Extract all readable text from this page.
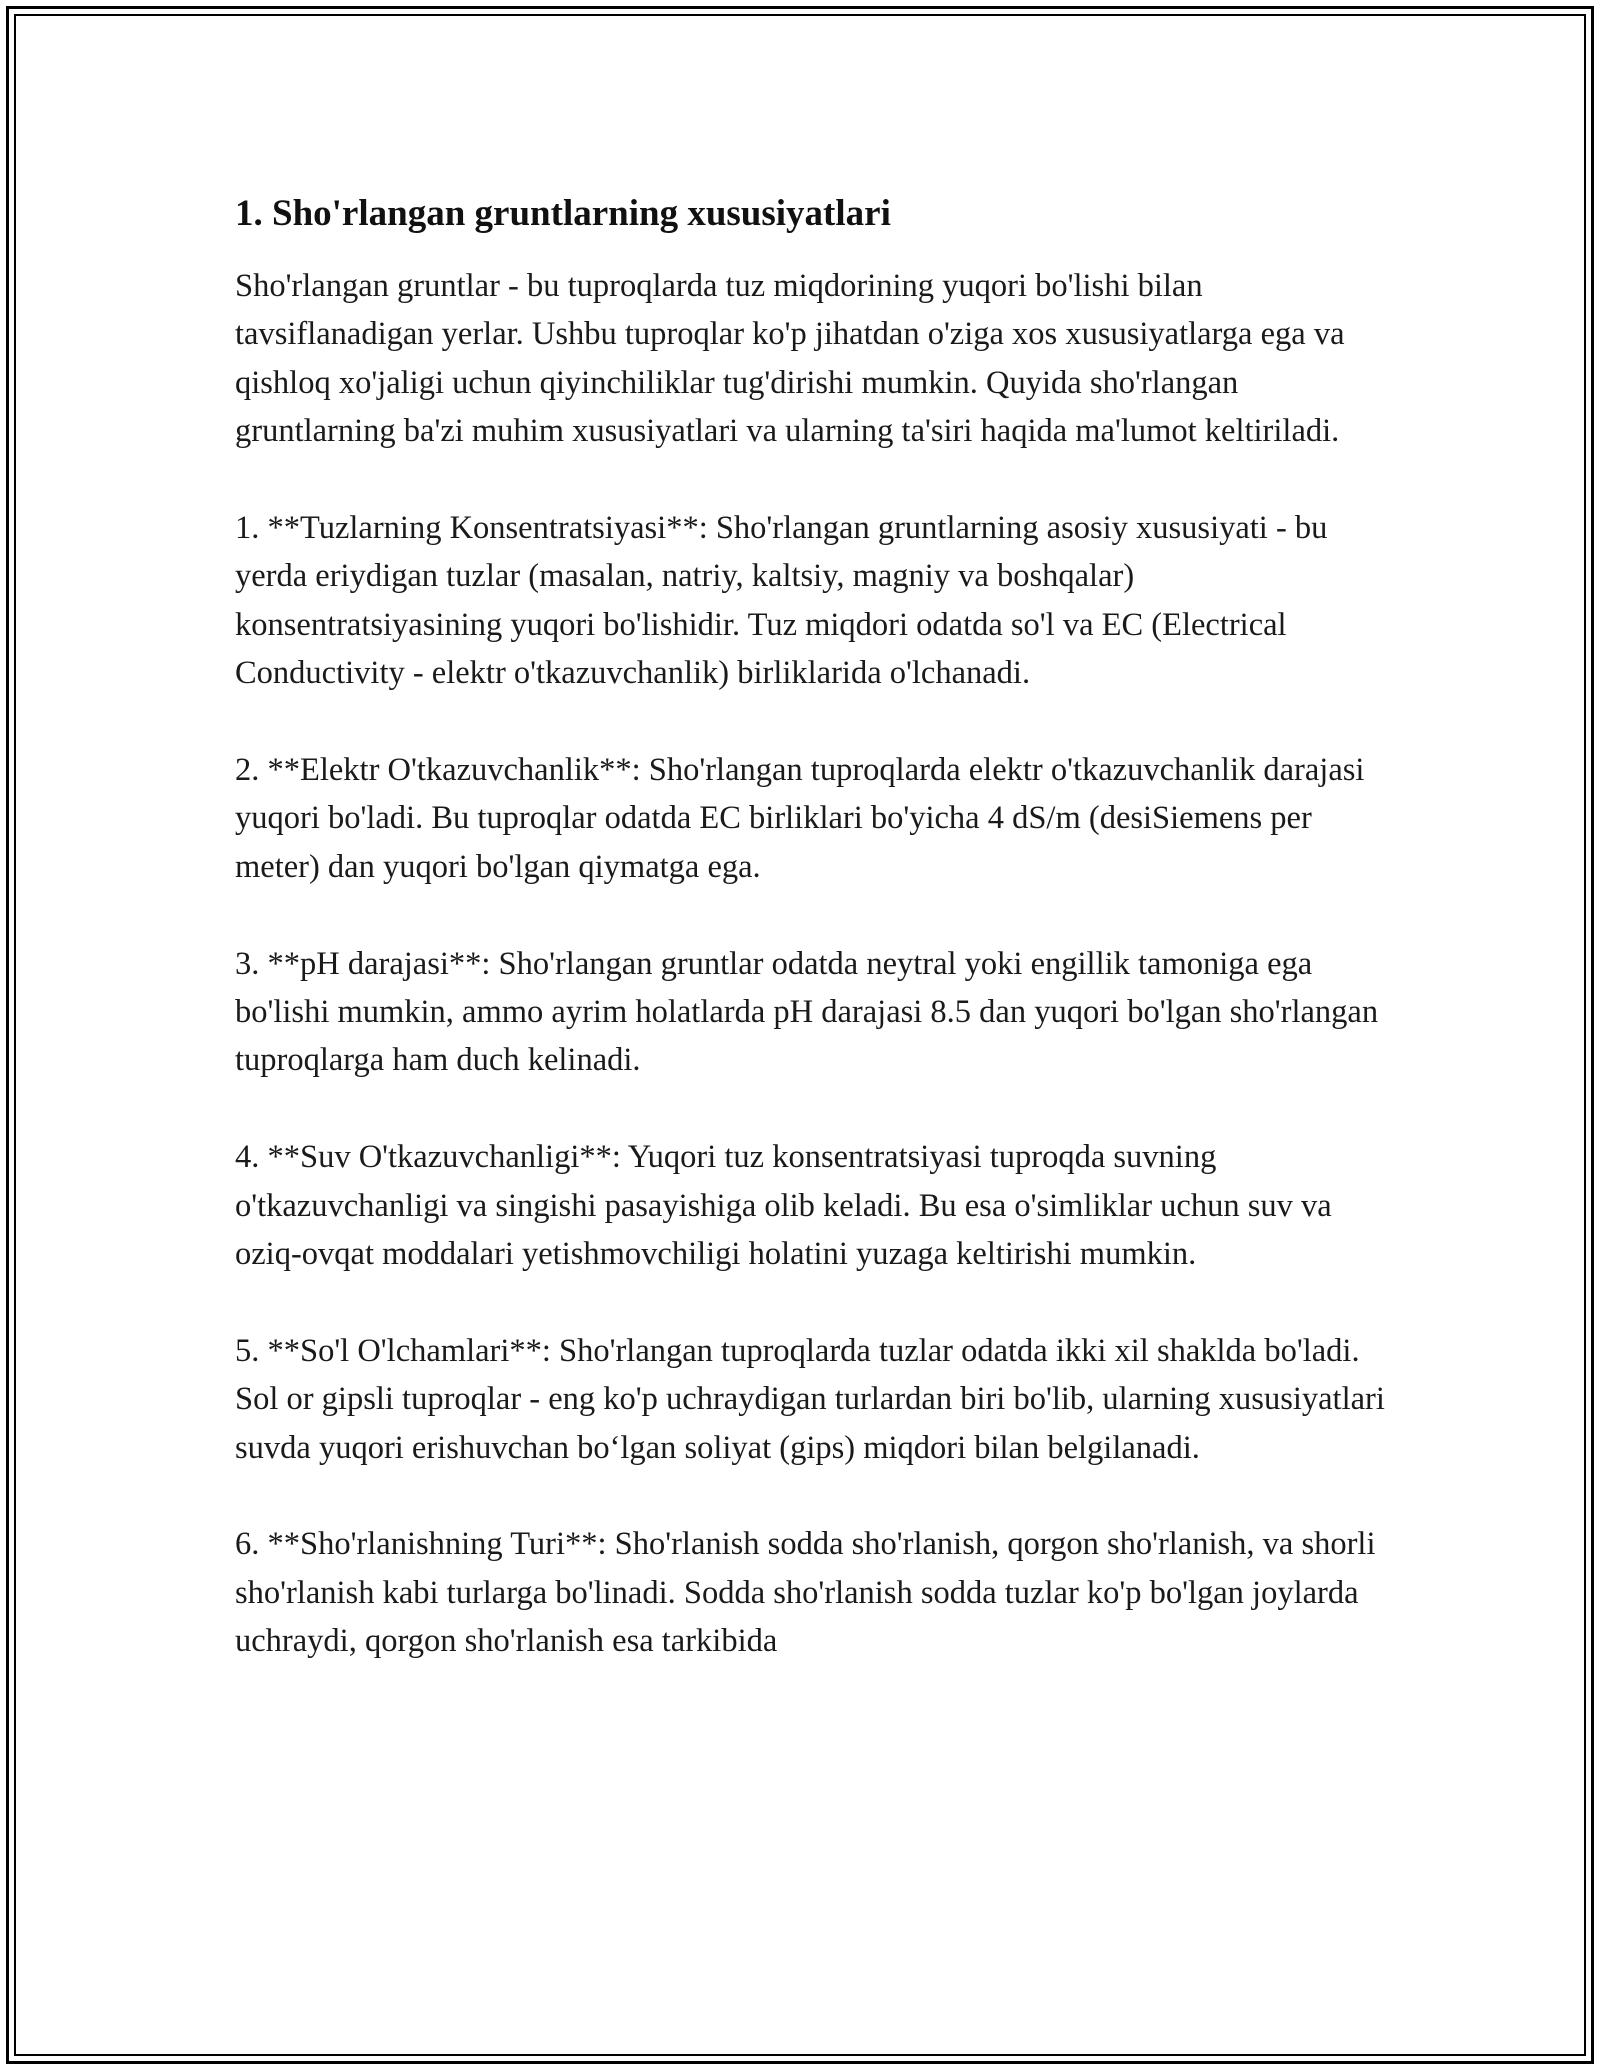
1. Sho'rlangan gruntlarning xususiyatlari

Sho'rlangan gruntlar - bu tuproqlarda tuz miqdorining yuqori bo'lishi bilan tavsiflanadigan yerlar. Ushbu tuproqlar ko'p jihatdan o'ziga xos xususiyatlarga ega va qishloq xo'jaligi uchun qiyinchiliklar tug'dirishi mumkin. Quyida sho'rlangan gruntlarning ba'zi muhim xususiyatlari va ularning ta'siri haqida ma'lumot keltiriladi.

1. **Tuzlarning Konsentratsiyasi**: Sho'rlangan gruntlarning asosiy xususiyati - bu yerda eriydigan tuzlar (masalan, natriy, kaltsiy, magniy va boshqalar) konsentratsiyasining yuqori bo'lishidir. Tuz miqdori odatda so'l va EC (Electrical Conductivity - elektr o'tkazuvchanlik) birliklarida o'lchanadi.

2. **Elektr O'tkazuvchanlik**: Sho'rlangan tuproqlarda elektr o'tkazuvchanlik darajasi yuqori bo'ladi. Bu tuproqlar odatda EC birliklari bo'yicha 4 dS/m (desiSiemens per meter) dan yuqori bo'lgan qiymatga ega.

3. **pH darajasi**: Sho'rlangan gruntlar odatda neytral yoki engillik tamoniga ega bo'lishi mumkin, ammo ayrim holatlarda pH darajasi 8.5 dan yuqori bo'lgan sho'rlangan tuproqlarga ham duch kelinadi.

4. **Suv O'tkazuvchanligi**: Yuqori tuz konsentratsiyasi tuproqda suvning o'tkazuvchanligi va singishi pasayishiga olib keladi. Bu esa o'simliklar uchun suv va oziq-ovqat moddalari yetishmovchiligi holatini yuzaga keltirishi mumkin.

5. **So'l O'lchamlari**: Sho'rlangan tuproqlarda tuzlar odatda ikki xil shaklda bo'ladi. Sol or gipsli tuproqlar - eng ko'p uchraydigan turlardan biri bo'lib, ularning xususiyatlari suvda yuqori erishuvchan bo‘lgan soliyat (gips) miqdori bilan belgilanadi.

6. **Sho'rlanishning Turi**: Sho'rlanish sodda sho'rlanish, qorgon sho'rlanish, va shorli sho'rlanish kabi turlarga bo'linadi. Sodda sho'rlanish sodda tuzlar ko'p bo'lgan joylarda uchraydi, qorgon sho'rlanish esa tarkibida
